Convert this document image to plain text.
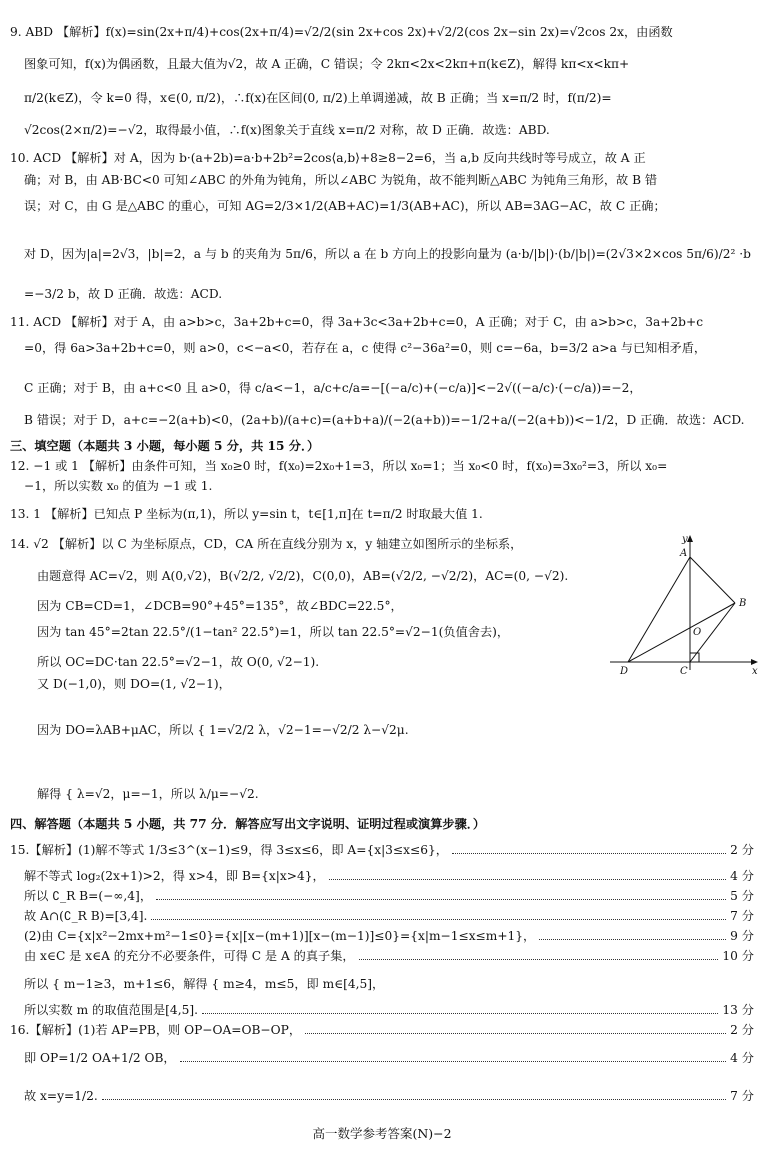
9. ABD 【解析】f(x)=sin(2x+π/4)+cos(2x+π/4)=√2/2(sin 2x+cos 2x)+√2/2(cos 2x−sin 2x)=√2cos 2x，由函数
图象可知，f(x)为偶函数，且最大值为√2，故 A 正确，C 错误；令 2kπ<2x<2kπ+π(k∈Z)，解得 kπ<x<kπ+
π/2(k∈Z)，令 k=0 得，x∈(0, π/2)，∴f(x)在区间(0, π/2)上单调递减，故 B 正确；当 x=π/2 时，f(π/2)=
√2cos(2×π/2)=−√2，取得最小值，∴f(x)图象关于直线 x=π/2 对称，故 D 正确．故选：ABD.
10. ACD 【解析】对 A，因为 b·(a+2b)=a·b+2b²=2cos⟨a,b⟩+8≥8−2=6，当 a,b 反向共线时等号成立，故 A 正
确；对 B，由 AB·BC<0 可知∠ABC 的外角为钝角，所以∠ABC 为锐角，故不能判断△ABC 为钝角三角形，故 B 错
误；对 C，由 G 是△ABC 的重心，可知 AG=2/3×1/2(AB+AC)=1/3(AB+AC)，所以 AB=3AG−AC，故 C 正确；
对 D，因为|a|=2√3，|b|=2，a 与 b 的夹角为 5π/6，所以 a 在 b 方向上的投影向量为 (a·b/|b|)·(b/|b|)=(2√3×2×cos 5π/6)/2² ·b
=−3/2 b，故 D 正确．故选：ACD.
11. ACD 【解析】对于 A，由 a>b>c，3a+2b+c=0，得 3a+3c<3a+2b+c=0，A 正确；对于 C，由 a>b>c，3a+2b+c
=0，得 6a>3a+2b+c=0，则 a>0，c<−a<0，若存在 a，c 使得 c²−36a²=0，则 c=−6a，b=3/2 a>a 与已知相矛盾，
C 正确；对于 B，由 a+c<0 且 a>0，得 c/a<−1，a/c+c/a=−[(−a/c)+(−c/a)]<−2√((−a/c)·(−c/a))=−2，
B 错误；对于 D，a+c=−2(a+b)<0，(2a+b)/(a+c)=(a+b+a)/(−2(a+b))=−1/2+a/(−2(a+b))<−1/2，D 正确．故选：ACD.
三、填空题（本题共 3 小题，每小题 5 分，共 15 分．）
12. −1 或 1 【解析】由条件可知，当 x₀≥0 时，f(x₀)=2x₀+1=3，所以 x₀=1；当 x₀<0 时，f(x₀)=3x₀²=3，所以 x₀=
−1，所以实数 x₀ 的值为 −1 或 1.
13. 1 【解析】已知点 P 坐标为(π,1)，所以 y=sin t，t∈[1,π]在 t=π/2 时取最大值 1.
14. √2 【解析】以 C 为坐标原点，CD，CA 所在直线分别为 x，y 轴建立如图所示的坐标系，
由题意得 AC=√2，则 A(0,√2)，B(√2/2, √2/2)，C(0,0)，AB=(√2/2, −√2/2)，AC=(0, −√2).
因为 CB=CD=1，∠DCB=90°+45°=135°，故∠BDC=22.5°，
因为 tan 45°=2tan 22.5°/(1−tan² 22.5°)=1，所以 tan 22.5°=√2−1(负值舍去)，
所以 OC=DC·tan 22.5°=√2−1，故 O(0, √2−1).
又 D(−1,0)，则 DO=(1, √2−1)，
因为 DO=λAB+μAC，所以 { 1=√2/2 λ，√2−1=−√2/2 λ−√2μ.
解得 { λ=√2，μ=−1，所以 λ/μ=−√2.
四、解答题（本题共 5 小题，共 77 分．解答应写出文字说明、证明过程或演算步骤．）
15.【解析】(1)解不等式 1/3≤3^(x−1)≤9，得 3≤x≤6，即 A={x|3≤x≤6}，	2 分
解不等式 log₂(2x+1)>2，得 x>4，即 B={x|x>4}，	4 分
所以 ∁_R B=(−∞,4]，	5 分
故 A∩(∁_R B)=[3,4].	7 分
(2)由 C={x|x²−2mx+m²−1≤0}={x|[x−(m+1)][x−(m−1)]≤0}={x|m−1≤x≤m+1}，	9 分
由 x∈C 是 x∈A 的充分不必要条件，可得 C 是 A 的真子集，	10 分
所以 { m−1≥3，m+1≤6，解得 { m≥4，m≤5，即 m∈[4,5]，
所以实数 m 的取值范围是[4,5].	13 分
16.【解析】(1)若 AP=PB，则 OP−OA=OB−OP，	2 分
即 OP=1/2 OA+1/2 OB，	4 分
故 x=y=1/2.	7 分
y
x
A
B
O
D	C
高一数学参考答案(N)−2
